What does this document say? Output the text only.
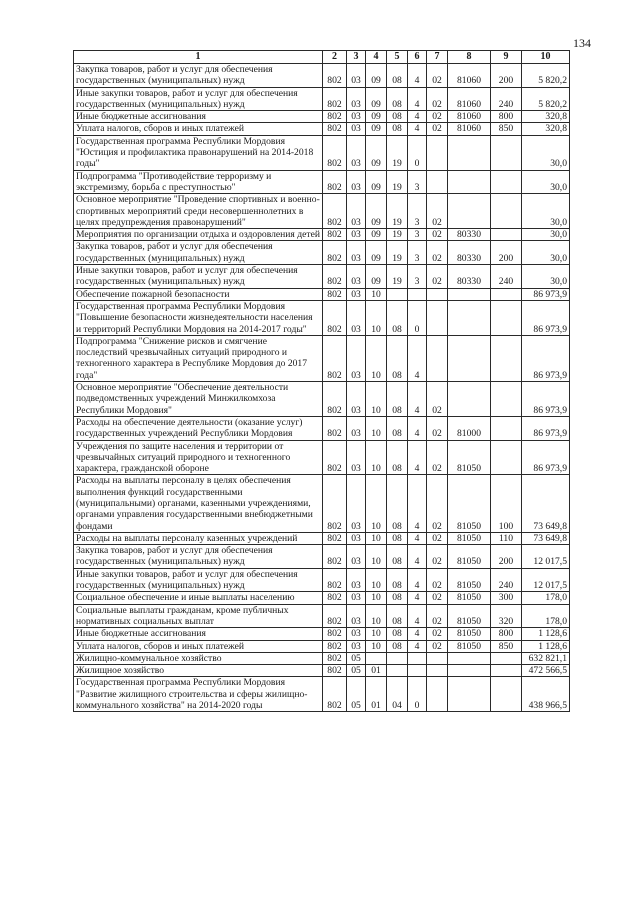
134
1	2	3	4	5	6	7	8	9	10
Закупка товаров, работ и услуг для обеспечения государственных (муниципальных) нужд	802	03	09	08	4	02	81060	200	5 820,2
Иные закупки товаров, работ и услуг для обеспечения государственных (муниципальных) нужд	802	03	09	08	4	02	81060	240	5 820,2
Иные бюджетные ассигнования	802	03	09	08	4	02	81060	800	320,8
Уплата налогов, сборов и иных платежей	802	03	09	08	4	02	81060	850	320,8
Государственная программа Республики Мордовия "Юстиция и профилактика правонарушений на 2014-2018 годы"	802	03	09	19	0				30,0
Подпрограмма "Противодействие терроризму и экстремизму, борьба с преступностью"	802	03	09	19	3				30,0
Основное мероприятие "Проведение спортивных и военно-спортивных мероприятий среди несовершеннолетних в целях предупреждения правонарушений"	802	03	09	19	3	02			30,0
Мероприятия по организации отдыха и оздоровления детей	802	03	09	19	3	02	80330		30,0
Закупка товаров, работ и услуг для обеспечения государственных (муниципальных) нужд	802	03	09	19	3	02	80330	200	30,0
Иные закупки товаров, работ и услуг для обеспечения государственных (муниципальных) нужд	802	03	09	19	3	02	80330	240	30,0
Обеспечение пожарной безопасности	802	03	10						86 973,9
Государственная программа Республики Мордовия "Повышение безопасности жизнедеятельности населения и территорий Республики Мордовия на 2014-2017 годы"	802	03	10	08	0				86 973,9
Подпрограмма "Снижение рисков и смягчение последствий чрезвычайных ситуаций природного и техногенного характера в Республике Мордовия до 2017 года"	802	03	10	08	4				86 973,9
Основное мероприятие "Обеспечение деятельности подведомственных учреждений Минжилкомхоза Республики Мордовия"	802	03	10	08	4	02			86 973,9
Расходы на обеспечение деятельности (оказание услуг) государственных учреждений Республики Мордовия	802	03	10	08	4	02	81000		86 973,9
Учреждения по защите населения и территории от чрезвычайных ситуаций природного и техногенного характера, гражданской обороне	802	03	10	08	4	02	81050		86 973,9
Расходы на выплаты персоналу в целях обеспечения выполнения функций государственными (муниципальными) органами, казенными учреждениями, органами управления государственными внебюджетными фондами	802	03	10	08	4	02	81050	100	73 649,8
Расходы на выплаты персоналу казенных учреждений	802	03	10	08	4	02	81050	110	73 649,8
Закупка товаров, работ и услуг для обеспечения государственных (муниципальных) нужд	802	03	10	08	4	02	81050	200	12 017,5
Иные закупки товаров, работ и услуг для обеспечения государственных (муниципальных) нужд	802	03	10	08	4	02	81050	240	12 017,5
Социальное обеспечение и иные выплаты населению	802	03	10	08	4	02	81050	300	178,0
Социальные выплаты гражданам, кроме публичных нормативных социальных выплат	802	03	10	08	4	02	81050	320	178,0
Иные бюджетные ассигнования	802	03	10	08	4	02	81050	800	1 128,6
Уплата налогов, сборов и иных платежей	802	03	10	08	4	02	81050	850	1 128,6
Жилищно-коммунальное хозяйство	802	05							632 821,1
Жилищное хозяйство	802	05	01						472 566,5
Государственная программа Республики Мордовия "Развитие жилищного строительства и сферы жилищно-коммунального хозяйства" на 2014-2020 годы	802	05	01	04	0				438 966,5
